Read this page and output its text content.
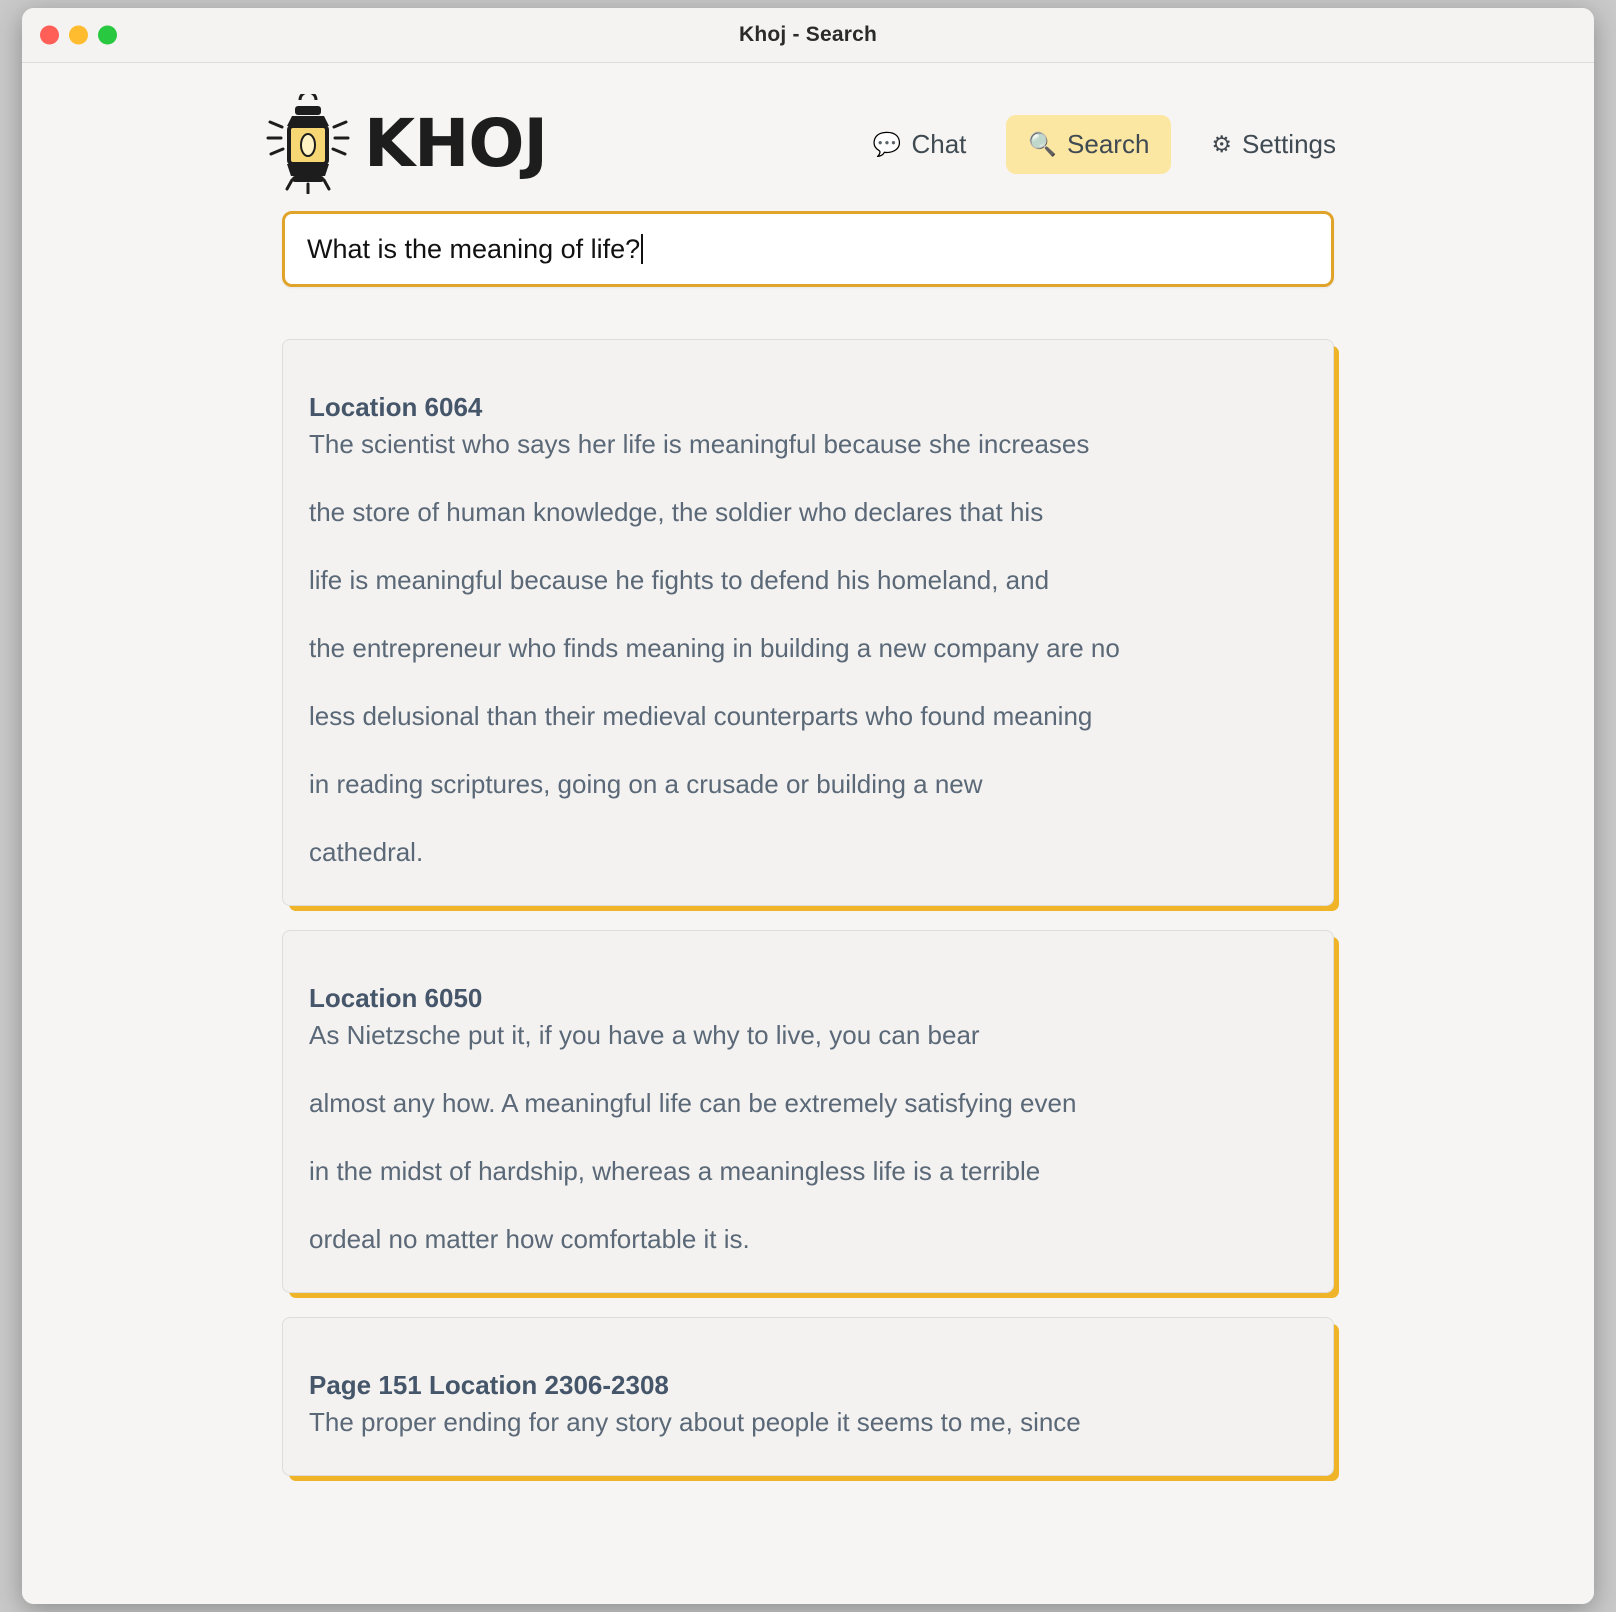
Khoj - Search
KHOJ	💬 Chat	🔍 Search	⚙ Settings
What is the meaning of life?
Location 6064

The scientist who says her life is meaningful because she increases

the store of human knowledge, the soldier who declares that his

life is meaningful because he fights to defend his homeland, and

the entrepreneur who finds meaning in building a new company are no

less delusional than their medieval counterparts who found meaning

in reading scriptures, going on a crusade or building a new

cathedral.

Location 6050

As Nietzsche put it, if you have a why to live, you can bear

almost any how. A meaningful life can be extremely satisfying even

in the midst of hardship, whereas a meaningless life is a terrible

ordeal no matter how comfortable it is.

Page 151 Location 2306-2308

The proper ending for any story about people it seems to me, since
